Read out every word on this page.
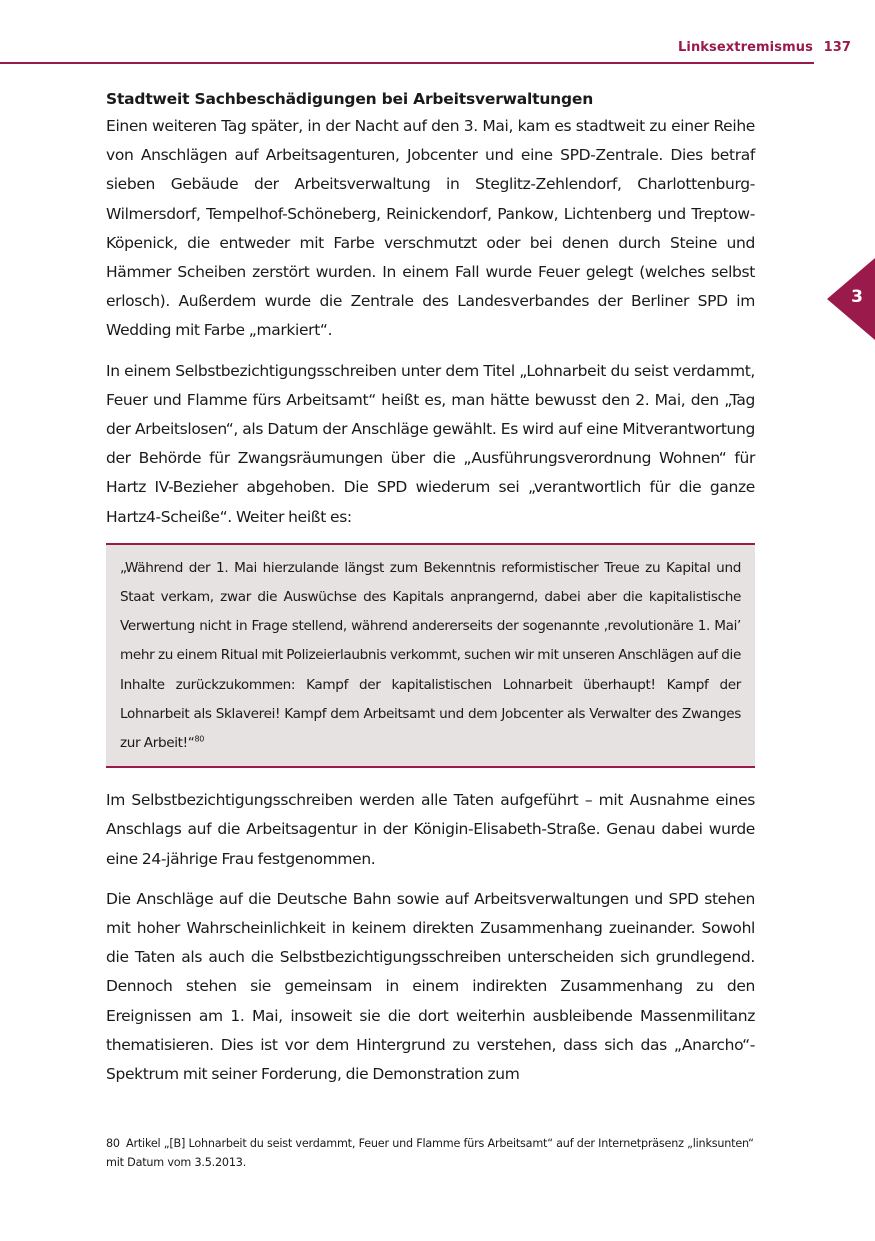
Linksextremismus 137
3
Stadtweit Sachbeschädigungen bei Arbeitsverwaltungen

Einen weiteren Tag später, in der Nacht auf den 3. Mai, kam es stadtweit zu einer Reihe von Anschlägen auf Arbeitsagenturen, Jobcenter und eine SPD-Zentrale. Dies betraf sieben Gebäude der Arbeitsverwaltung in Steglitz-Zehlendorf, Charlottenburg-Wilmersdorf, Tempelhof-Schöneberg, Reinickendorf, Pankow, Lichtenberg und Treptow-Köpenick, die entweder mit Farbe verschmutzt oder bei denen durch Steine und Hämmer Scheiben zerstört wurden. In einem Fall wurde Feuer gelegt (welches selbst erlosch). Außerdem wurde die Zentrale des Landesverbandes der Berliner SPD im Wedding mit Farbe „markiert“.

In einem Selbstbezichtigungsschreiben unter dem Titel „Lohnarbeit du seist verdammt, Feuer und Flamme fürs Arbeitsamt“ heißt es, man hätte bewusst den 2. Mai, den „Tag der Arbeitslosen“, als Datum der Anschläge gewählt. Es wird auf eine Mitverantwortung der Behörde für Zwangsräumungen über die „Ausführungsverordnung Wohnen“ für Hartz IV-Bezieher abgehoben. Die SPD wiederum sei „verantwortlich für die ganze Hartz4-Scheiße“. Weiter heißt es:

„Während der 1. Mai hierzulande längst zum Bekenntnis reformistischer Treue zu Kapital und Staat verkam, zwar die Auswüchse des Kapitals anprangernd, dabei aber die kapitalistische Verwertung nicht in Frage stellend, während andererseits der sogenannte ‚revolutionäre 1. Mai’ mehr zu einem Ritual mit Polizeierlaubnis verkommt, suchen wir mit unseren Anschlägen auf die Inhalte zurückzukommen: Kampf der kapitalistischen Lohnarbeit überhaupt! Kampf der Lohnarbeit als Sklaverei! Kampf dem Arbeitsamt und dem Jobcenter als Verwalter des Zwanges zur Arbeit!“$^{80}$

Im Selbstbezichtigungsschreiben werden alle Taten aufgeführt – mit Ausnahme eines Anschlags auf die Arbeitsagentur in der Königin-Elisabeth-Straße. Genau dabei wurde eine 24-jährige Frau festgenommen.

Die Anschläge auf die Deutsche Bahn sowie auf Arbeitsverwaltungen und SPD stehen mit hoher Wahrscheinlichkeit in keinem direkten Zusammenhang zueinander. Sowohl die Taten als auch die Selbstbezichtigungsschreiben unterscheiden sich grundlegend. Dennoch stehen sie gemeinsam in einem indirekten Zusammenhang zu den Ereignissen am 1. Mai, insoweit sie die dort weiterhin ausbleibende Massenmilitanz thematisieren. Dies ist vor dem Hintergrund zu verstehen, dass sich das „Anarcho“- Spektrum mit seiner Forderung, die Demonstration zum

80 Artikel „[B] Lohnarbeit du seist verdammt, Feuer und Flamme fürs Arbeitsamt“ auf der Internetpräsenz „linksunten“ mit Datum vom 3.5.2013.
